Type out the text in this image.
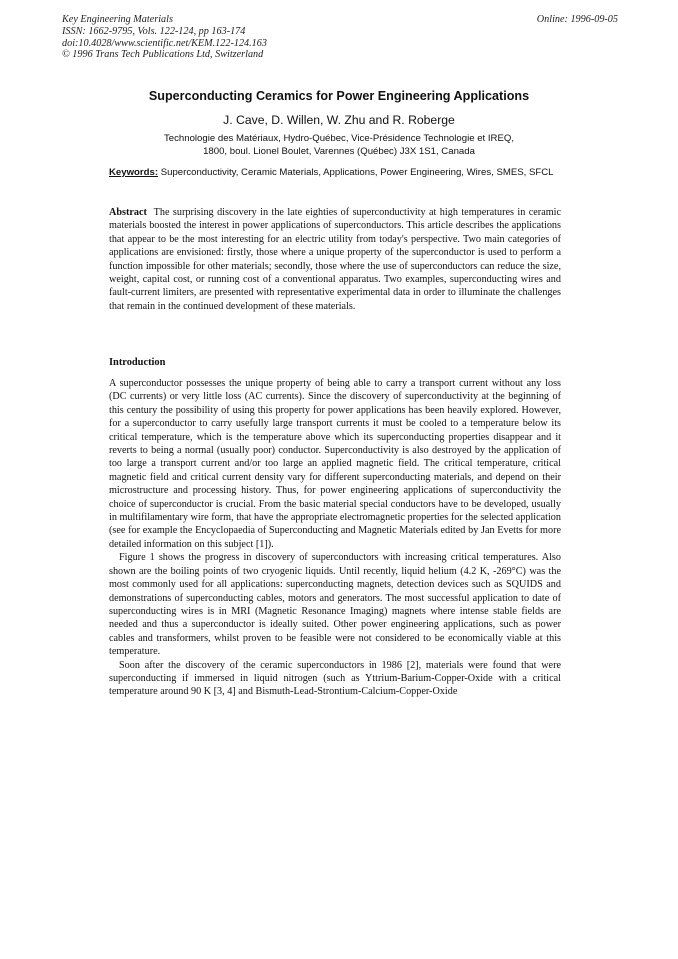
Key Engineering Materials
ISSN: 1662-9795, Vols. 122-124, pp 163-174
doi:10.4028/www.scientific.net/KEM.122-124.163
© 1996 Trans Tech Publications Ltd, Switzerland
Online: 1996-09-05
Superconducting Ceramics for Power Engineering Applications
J. Cave, D. Willen, W. Zhu and R. Roberge
Technologie des Matériaux, Hydro-Québec, Vice-Présidence Technologie et IREQ,
1800, boul. Lionel Boulet, Varennes (Québec) J3X 1S1, Canada
Keywords: Superconductivity, Ceramic Materials, Applications, Power Engineering, Wires, SMES, SFCL
Abstract The surprising discovery in the late eighties of superconductivity at high temperatures in ceramic materials boosted the interest in power applications of superconductors. This article describes the applications that appear to be the most interesting for an electric utility from today's perspective. Two main categories of applications are envisioned: firstly, those where a unique property of the superconductor is used to perform a function impossible for other materials; secondly, those where the use of superconductors can reduce the size, weight, capital cost, or running cost of a conventional apparatus. Two examples, superconducting wires and fault-current limiters, are presented with representative experimental data in order to illuminate the challenges that remain in the continued development of these materials.
Introduction

A superconductor possesses the unique property of being able to carry a transport current without any loss (DC currents) or very little loss (AC currents). Since the discovery of superconductivity at the beginning of this century the possibility of using this property for power applications has been heavily explored. However, for a superconductor to carry usefully large transport currents it must be cooled to a temperature below its critical temperature, which is the temperature above which its superconducting properties disappear and it reverts to being a normal (usually poor) conductor. Superconductivity is also destroyed by the application of too large a transport current and/or too large an applied magnetic field. The critical temperature, critical magnetic field and critical current density vary for different superconducting materials, and depend on their microstructure and processing history. Thus, for power engineering applications of superconductivity the choice of superconductor is crucial. From the basic material special conductors have to be developed, usually in multifilamentary wire form, that have the appropriate electromagnetic properties for the selected application (see for example the Encyclopaedia of Superconducting and Magnetic Materials edited by Jan Evetts for more detailed information on this subject [1]).

Figure 1 shows the progress in discovery of superconductors with increasing critical temperatures. Also shown are the boiling points of two cryogenic liquids. Until recently, liquid helium (4.2 K, -269°C) was the most commonly used for all applications: superconducting magnets, detection devices such as SQUIDS and demonstrations of superconducting cables, motors and generators. The most successful application to date of superconducting wires is in MRI (Magnetic Resonance Imaging) magnets where intense stable fields are needed and thus a superconductor is ideally suited. Other power engineering applications, such as power cables and transformers, whilst proven to be feasible were not considered to be economically viable at this temperature.

Soon after the discovery of the ceramic superconductors in 1986 [2], materials were found that were superconducting if immersed in liquid nitrogen (such as Yttrium-Barium-Copper-Oxide with a critical temperature around 90 K [3, 4] and Bismuth-Lead-Strontium-Calcium-Copper-Oxide
